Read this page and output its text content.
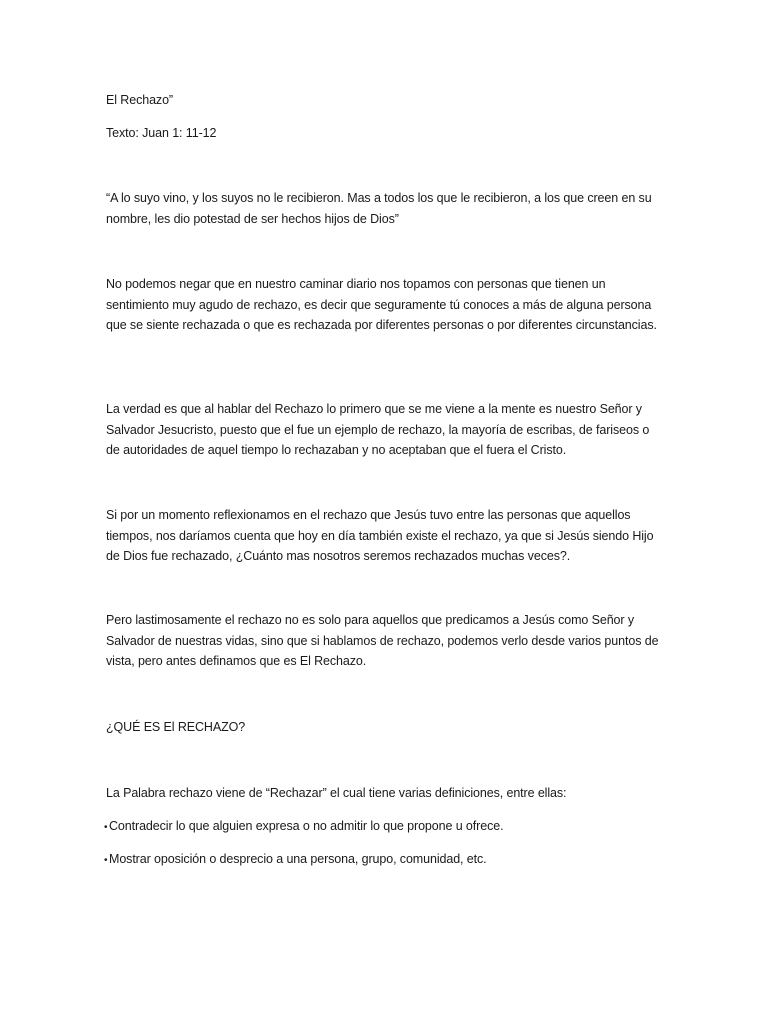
El Rechazo”
Texto: Juan 1: 11-12
“A lo suyo vino, y los suyos no le recibieron. Mas a todos los que le recibieron, a los que creen en su nombre, les dio potestad de ser hechos hijos de Dios”
No podemos negar que en nuestro caminar diario nos topamos con personas que tienen un sentimiento muy agudo de rechazo, es decir que seguramente tú conoces a más de alguna persona que se siente rechazada o que es rechazada por diferentes personas o por diferentes circunstancias.
La verdad es que al hablar del Rechazo lo primero que se me viene a la mente es nuestro Señor y Salvador Jesucristo, puesto que el fue un ejemplo de rechazo, la mayoría de escribas, de fariseos o de autoridades de aquel tiempo lo rechazaban y no aceptaban que el fuera el Cristo.
Si por un momento reflexionamos en el rechazo que Jesús tuvo entre las personas que aquellos tiempos, nos daríamos cuenta que hoy en día también existe el rechazo, ya que si Jesús siendo Hijo de Dios fue rechazado, ¿Cuánto mas nosotros seremos rechazados muchas veces?.
Pero lastimosamente el rechazo no es solo para aquellos que predicamos a Jesús como Señor y Salvador de nuestras vidas, sino que si hablamos de rechazo, podemos verlo desde varios puntos de vista, pero antes definamos que es El Rechazo.
¿QUÉ ES El RECHAZO?
La Palabra rechazo viene de “Rechazar” el cual tiene varias definiciones, entre ellas:
• Contradecir lo que alguien expresa o no admitir lo que propone u ofrece.
• Mostrar oposición o desprecio a una persona, grupo, comunidad, etc.
